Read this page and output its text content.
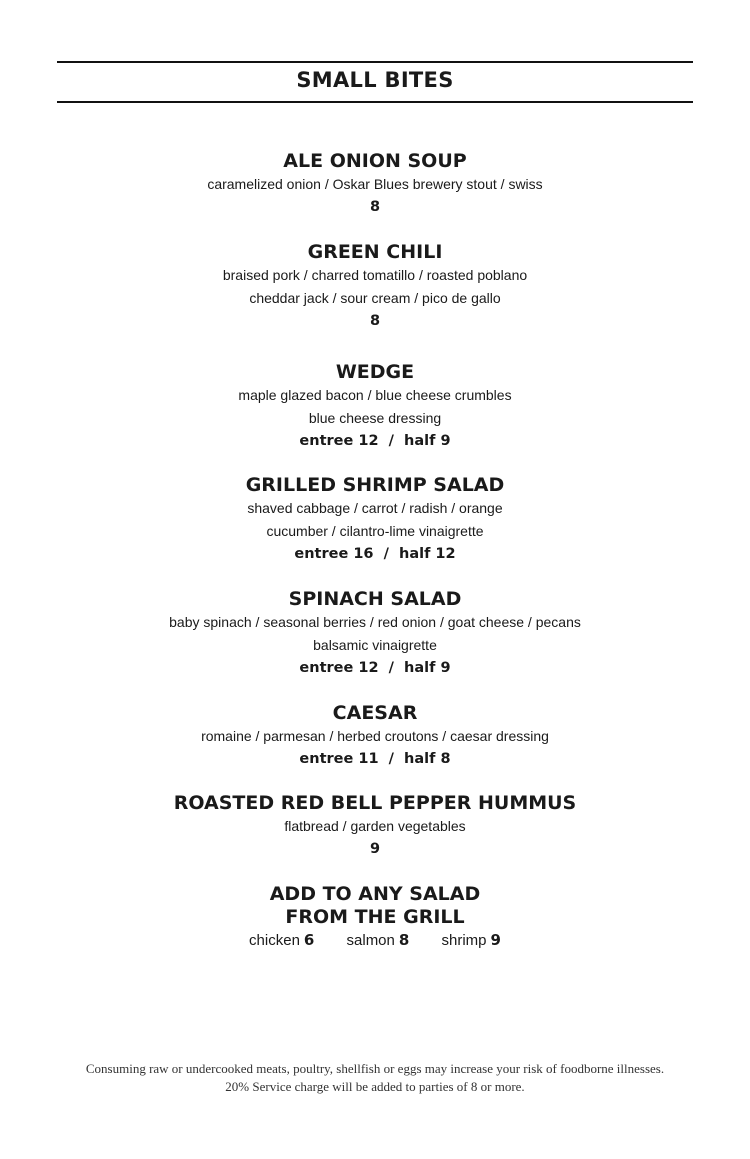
SMALL BITES
ALE ONION SOUP
caramelized onion / Oskar Blues brewery stout / swiss
8
GREEN CHILI
braised pork / charred tomatillo / roasted poblano
cheddar jack / sour cream / pico de gallo
8
WEDGE
maple glazed bacon / blue cheese crumbles
blue cheese dressing
entree 12  /  half 9
GRILLED SHRIMP SALAD
shaved cabbage / carrot / radish / orange
cucumber / cilantro-lime vinaigrette
entree 16  /  half 12
SPINACH SALAD
baby spinach / seasonal berries / red onion / goat cheese / pecans
balsamic vinaigrette
entree 12  /  half 9
CAESAR
romaine / parmesan / herbed croutons / caesar dressing
entree 11  /  half 8
ROASTED RED BELL PEPPER HUMMUS
flatbread / garden vegetables
9
ADD TO ANY SALAD
FROM THE GRILL
chicken 6 salmon 8 shrimp 9
Consuming raw or undercooked meats, poultry, shellfish or eggs may increase your risk of foodborne illnesses.
20% Service charge will be added to parties of 8 or more.
